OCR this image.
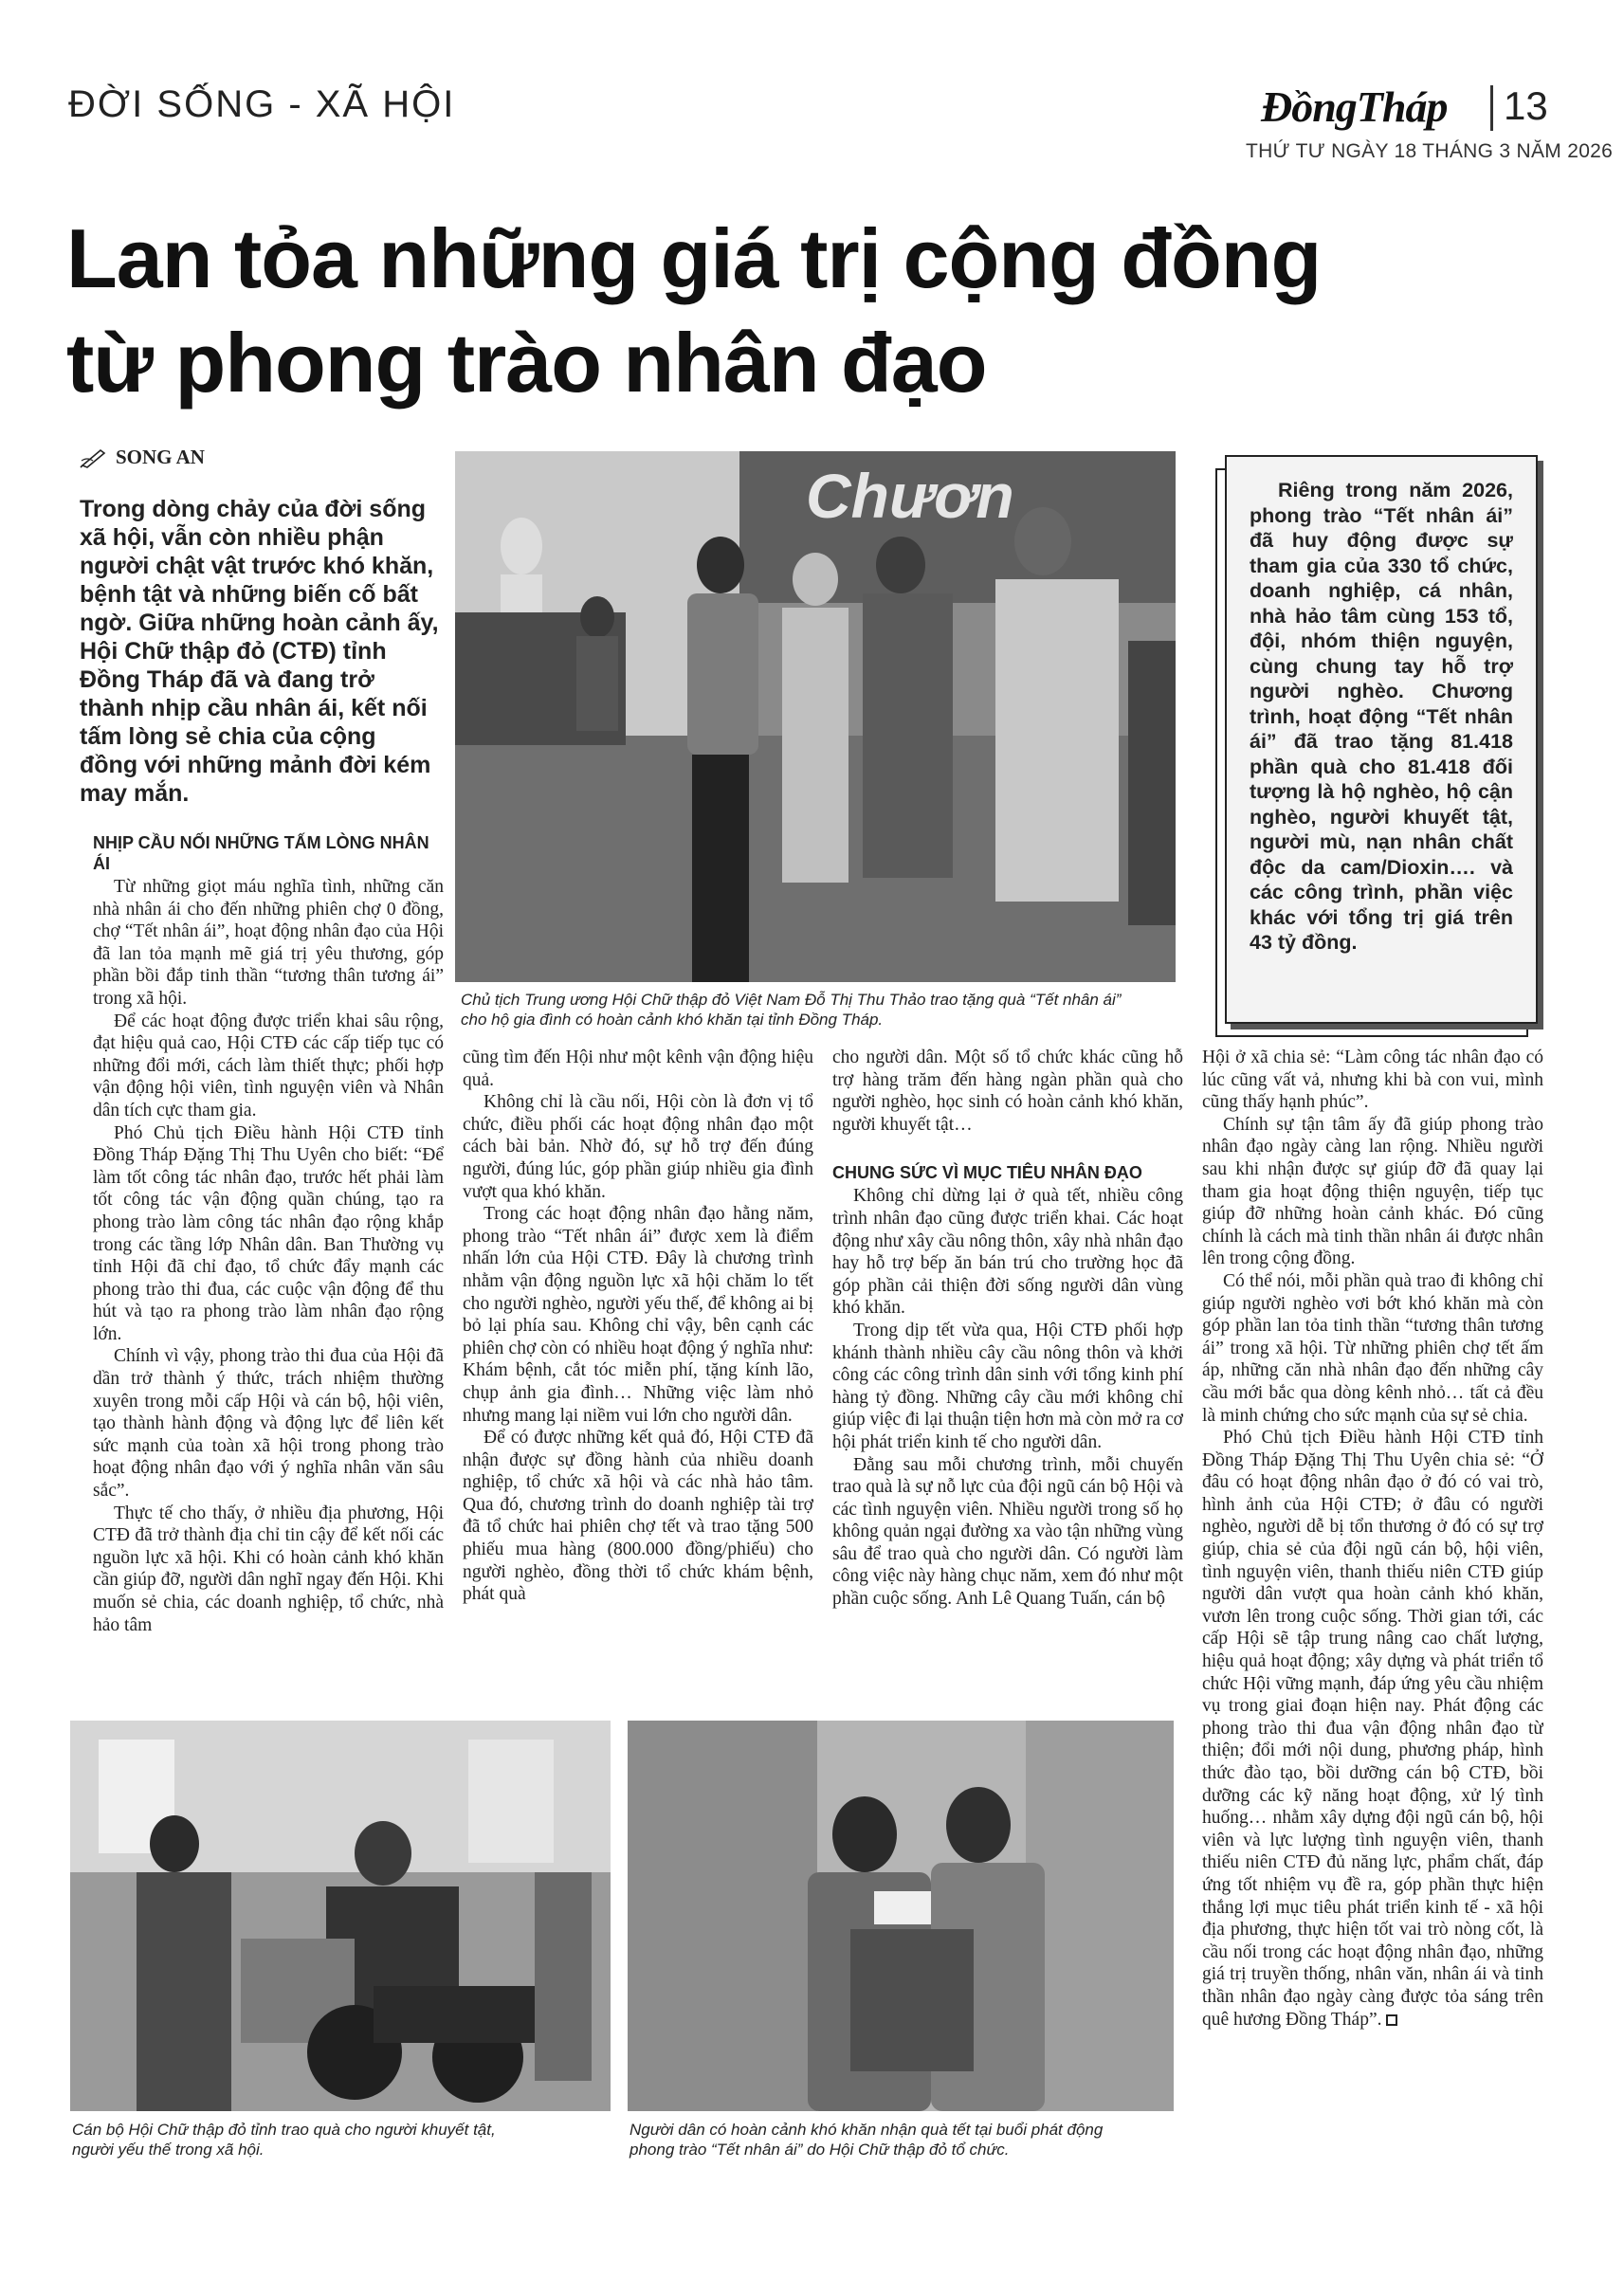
ĐỜI SỐNG - XÃ HỘI	ĐồngTháp 13
THỨ TƯ NGÀY 18 THÁNG 3 NĂM 2026
Lan tỏa những giá trị cộng đồng
từ phong trào nhân đạo
SONG AN
Trong dòng chảy của đời sống xã hội, vẫn còn nhiều phận người chật vật trước khó khăn, bệnh tật và những biến cố bất ngờ. Giữa những hoàn cảnh ấy, Hội Chữ thập đỏ (CTĐ) tỉnh Đồng Tháp đã và đang trở thành nhịp cầu nhân ái, kết nối tấm lòng sẻ chia của cộng đồng với những mảnh đời kém may mắn.
Chươn
Chủ tịch Trung ương Hội Chữ thập đỏ Việt Nam Đỗ Thị Thu Thảo trao tặng quà “Tết nhân ái”
cho hộ gia đình có hoàn cảnh khó khăn tại tỉnh Đồng Tháp.
Riêng trong năm 2026, phong trào “Tết nhân ái” đã huy động được sự tham gia của 330 tổ chức, doanh nghiệp, cá nhân, nhà hảo tâm cùng 153 tổ, đội, nhóm thiện nguyện, cùng chung tay hỗ trợ người nghèo. Chương trình, hoạt động “Tết nhân ái” đã trao tặng 81.418 phần quà cho 81.418 đối tượng là hộ nghèo, hộ cận nghèo, người khuyết tật, người mù, nạn nhân chất độc da cam/Dioxin…. và các công trình, phần việc khác với tổng trị giá trên 43 tỷ đồng.
NHỊP CẦU NỐI NHỮNG TẤM LÒNG NHÂN ÁI

Từ những giọt máu nghĩa tình, những căn nhà nhân ái cho đến những phiên chợ 0 đồng, chợ “Tết nhân ái”, hoạt động nhân đạo của Hội đã lan tỏa mạnh mẽ giá trị yêu thương, góp phần bồi đắp tinh thần “tương thân tương ái” trong xã hội.

Để các hoạt động được triển khai sâu rộng, đạt hiệu quả cao, Hội CTĐ các cấp tiếp tục có những đổi mới, cách làm thiết thực; phối hợp vận động hội viên, tình nguyện viên và Nhân dân tích cực tham gia.

Phó Chủ tịch Điều hành Hội CTĐ tỉnh Đồng Tháp Đặng Thị Thu Uyên cho biết: “Để làm tốt công tác nhân đạo, trước hết phải làm tốt công tác vận động quần chúng, tạo ra phong trào làm công tác nhân đạo rộng khắp trong các tầng lớp Nhân dân. Ban Thường vụ tỉnh Hội đã chỉ đạo, tổ chức đẩy mạnh các phong trào thi đua, các cuộc vận động để thu hút và tạo ra phong trào làm nhân đạo rộng lớn.

Chính vì vậy, phong trào thi đua của Hội đã dần trở thành ý thức, trách nhiệm thường xuyên trong mỗi cấp Hội và cán bộ, hội viên, tạo thành hành động và động lực để liên kết sức mạnh của toàn xã hội trong phong trào hoạt động nhân đạo với ý nghĩa nhân văn sâu sắc”.

Thực tế cho thấy, ở nhiều địa phương, Hội CTĐ đã trở thành địa chỉ tin cậy để kết nối các nguồn lực xã hội. Khi có hoàn cảnh khó khăn cần giúp đỡ, người dân nghĩ ngay đến Hội. Khi muốn sẻ chia, các doanh nghiệp, tổ chức, nhà hảo tâm

cũng tìm đến Hội như một kênh vận động hiệu quả.

Không chỉ là cầu nối, Hội còn là đơn vị tổ chức, điều phối các hoạt động nhân đạo một cách bài bản. Nhờ đó, sự hỗ trợ đến đúng người, đúng lúc, góp phần giúp nhiều gia đình vượt qua khó khăn.

Trong các hoạt động nhân đạo hằng năm, phong trào “Tết nhân ái” được xem là điểm nhấn lớn của Hội CTĐ. Đây là chương trình nhằm vận động nguồn lực xã hội chăm lo tết cho người nghèo, người yếu thế, để không ai bị bỏ lại phía sau. Không chỉ vậy, bên cạnh các phiên chợ còn có nhiều hoạt động ý nghĩa như: Khám bệnh, cắt tóc miễn phí, tặng kính lão, chụp ảnh gia đình… Những việc làm nhỏ nhưng mang lại niềm vui lớn cho người dân.

Để có được những kết quả đó, Hội CTĐ đã nhận được sự đồng hành của nhiều doanh nghiệp, tổ chức xã hội và các nhà hảo tâm. Qua đó, chương trình do doanh nghiệp tài trợ đã tổ chức hai phiên chợ tết và trao tặng 500 phiếu mua hàng (800.000 đồng/phiếu) cho người nghèo, đồng thời tổ chức khám bệnh, phát quà

cho người dân. Một số tổ chức khác cũng hỗ trợ hàng trăm đến hàng ngàn phần quà cho người nghèo, học sinh có hoàn cảnh khó khăn, người khuyết tật…

CHUNG SỨC VÌ MỤC TIÊU NHÂN ĐẠO

Không chỉ dừng lại ở quà tết, nhiều công trình nhân đạo cũng được triển khai. Các hoạt động như xây cầu nông thôn, xây nhà nhân đạo hay hỗ trợ bếp ăn bán trú cho trường học đã góp phần cải thiện đời sống người dân vùng khó khăn.

Trong dịp tết vừa qua, Hội CTĐ phối hợp khánh thành nhiều cây cầu nông thôn và khởi công các công trình dân sinh với tổng kinh phí hàng tỷ đồng. Những cây cầu mới không chỉ giúp việc đi lại thuận tiện hơn mà còn mở ra cơ hội phát triển kinh tế cho người dân.

Đằng sau mỗi chương trình, mỗi chuyến trao quà là sự nỗ lực của đội ngũ cán bộ Hội và các tình nguyện viên. Nhiều người trong số họ không quản ngại đường xa vào tận những vùng sâu để trao quà cho người dân. Có người làm công việc này hàng chục năm, xem đó như một phần cuộc sống. Anh Lê Quang Tuấn, cán bộ

Hội ở xã chia sẻ: “Làm công tác nhân đạo có lúc cũng vất vả, nhưng khi bà con vui, mình cũng thấy hạnh phúc”.

Chính sự tận tâm ấy đã giúp phong trào nhân đạo ngày càng lan rộng. Nhiều người sau khi nhận được sự giúp đỡ đã quay lại tham gia hoạt động thiện nguyện, tiếp tục giúp đỡ những hoàn cảnh khác. Đó cũng chính là cách mà tinh thần nhân ái được nhân lên trong cộng đồng.

Có thể nói, mỗi phần quà trao đi không chỉ giúp người nghèo vơi bớt khó khăn mà còn góp phần lan tỏa tinh thần “tương thân tương ái” trong xã hội. Từ những phiên chợ tết ấm áp, những căn nhà nhân đạo đến những cây cầu mới bắc qua dòng kênh nhỏ… tất cả đều là minh chứng cho sức mạnh của sự sẻ chia.

Phó Chủ tịch Điều hành Hội CTĐ tỉnh Đồng Tháp Đặng Thị Thu Uyên chia sẻ: “Ở đâu có hoạt động nhân đạo ở đó có vai trò, hình ảnh của Hội CTĐ; ở đâu có người nghèo, người dễ bị tổn thương ở đó có sự trợ giúp, chia sẻ của đội ngũ cán bộ, hội viên, tình nguyện viên, thanh thiếu niên CTĐ giúp người dân vượt qua hoàn cảnh khó khăn, vươn lên trong cuộc sống. Thời gian tới, các cấp Hội sẽ tập trung nâng cao chất lượng, hiệu quả hoạt động; xây dựng và phát triển tổ chức Hội vững mạnh, đáp ứng yêu cầu nhiệm vụ trong giai đoạn hiện nay. Phát động các phong trào thi đua vận động nhân đạo từ thiện; đổi mới nội dung, phương pháp, hình thức đào tạo, bồi dưỡng cán bộ CTĐ, bồi dưỡng các kỹ năng hoạt động, xử lý tình huống… nhằm xây dựng đội ngũ cán bộ, hội viên và lực lượng tình nguyện viên, thanh thiếu niên CTĐ đủ năng lực, phẩm chất, đáp ứng tốt nhiệm vụ đề ra, góp phần thực hiện thắng lợi mục tiêu phát triển kinh tế - xã hội địa phương, thực hiện tốt vai trò nòng cốt, là cầu nối trong các hoạt động nhân đạo, những giá trị truyền thống, nhân văn, nhân ái và tinh thần nhân đạo ngày càng được tỏa sáng trên quê hương Đồng Tháp”.

Cán bộ Hội Chữ thập đỏ tỉnh trao quà cho người khuyết tật,
người yếu thế trong xã hội.
Người dân có hoàn cảnh khó khăn nhận quà tết tại buổi phát động
phong trào “Tết nhân ái” do Hội Chữ thập đỏ tổ chức.
